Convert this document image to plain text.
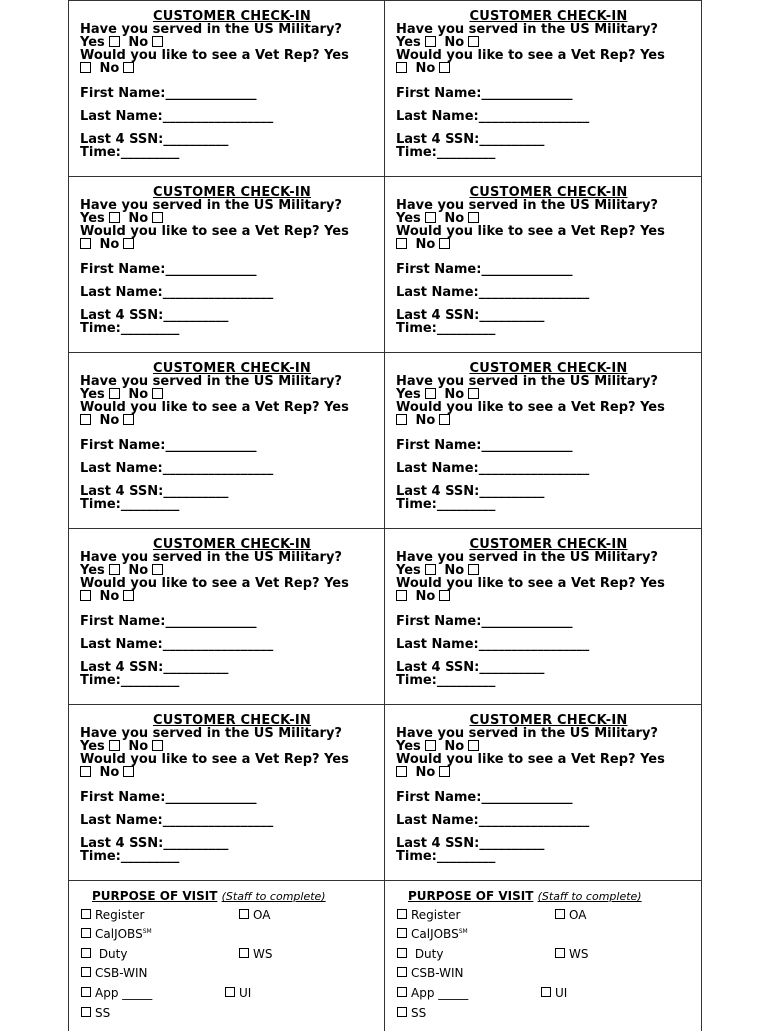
CUSTOMER CHECK-IN
Have you served in the US Military?
Yes No
Would you like to see a Vet Rep? Yes
No
First Name:______________
Last Name:_________________
Last 4 SSN:__________
Time:_________
CUSTOMER CHECK-IN
Have you served in the US Military?
Yes No
Would you like to see a Vet Rep? Yes
No
First Name:______________
Last Name:_________________
Last 4 SSN:__________
Time:_________
CUSTOMER CHECK-IN
Have you served in the US Military?
Yes No
Would you like to see a Vet Rep? Yes
No
First Name:______________
Last Name:_________________
Last 4 SSN:__________
Time:_________
CUSTOMER CHECK-IN
Have you served in the US Military?
Yes No
Would you like to see a Vet Rep? Yes
No
First Name:______________
Last Name:_________________
Last 4 SSN:__________
Time:_________
CUSTOMER CHECK-IN
Have you served in the US Military?
Yes No
Would you like to see a Vet Rep? Yes
No
First Name:______________
Last Name:_________________
Last 4 SSN:__________
Time:_________
CUSTOMER CHECK-IN
Have you served in the US Military?
Yes No
Would you like to see a Vet Rep? Yes
No
First Name:______________
Last Name:_________________
Last 4 SSN:__________
Time:_________
CUSTOMER CHECK-IN
Have you served in the US Military?
Yes No
Would you like to see a Vet Rep? Yes
No
First Name:______________
Last Name:_________________
Last 4 SSN:__________
Time:_________
CUSTOMER CHECK-IN
Have you served in the US Military?
Yes No
Would you like to see a Vet Rep? Yes
No
First Name:______________
Last Name:_________________
Last 4 SSN:__________
Time:_________
CUSTOMER CHECK-IN
Have you served in the US Military?
Yes No
Would you like to see a Vet Rep? Yes
No
First Name:______________
Last Name:_________________
Last 4 SSN:__________
Time:_________
CUSTOMER CHECK-IN
Have you served in the US Military?
Yes No
Would you like to see a Vet Rep? Yes
No
First Name:______________
Last Name:_________________
Last 4 SSN:__________
Time:_________
PURPOSE OF VISIT (Staff to complete)
Register	OA
CalJOBS℠
Duty	WS
CSB-WIN
App _____	UI
SS
PURPOSE OF VISIT (Staff to complete)
Register	OA
CalJOBS℠
Duty	WS
CSB-WIN
App _____	UI
SS
